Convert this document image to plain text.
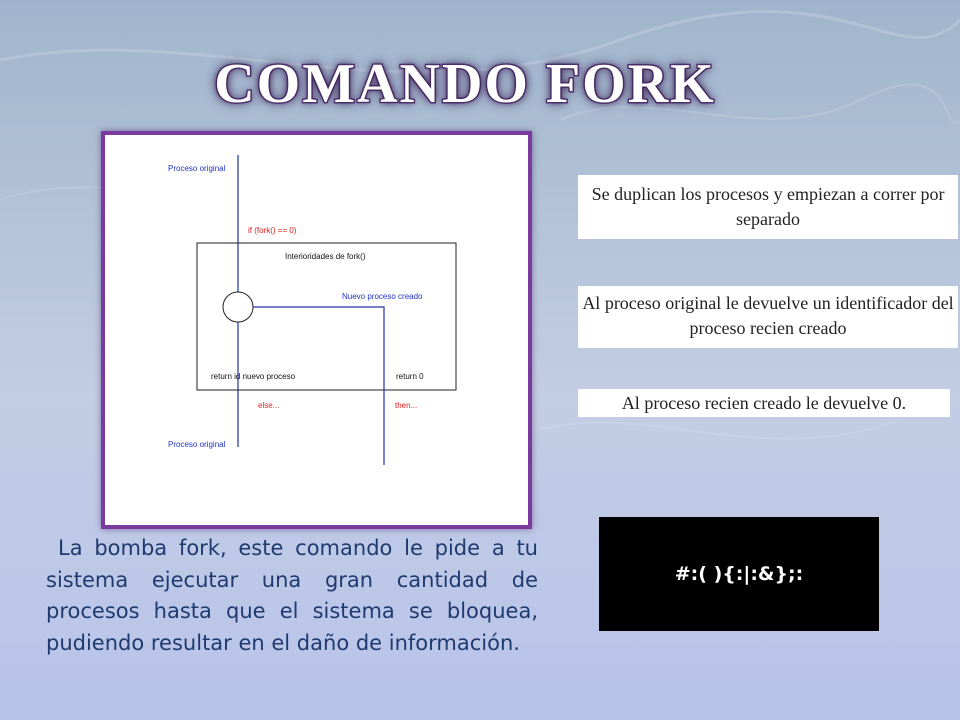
COMANDO FORK
Proceso original
if (fork() == 0)
Interioridades de fork()
Nuevo proceso creado
return id nuevo proceso	return 0
else...	then...
Proceso original
Se duplican los procesos y empiezan a correr por separado
Al proceso original le devuelve un identificador del proceso recien creado
Al proceso recien creado le devuelve 0.
#:( ){:|:&};:
La bomba fork, este comando le pide a tu sistema ejecutar una gran cantidad de procesos hasta que el sistema se bloquea, pudiendo resultar en el daño de información.
